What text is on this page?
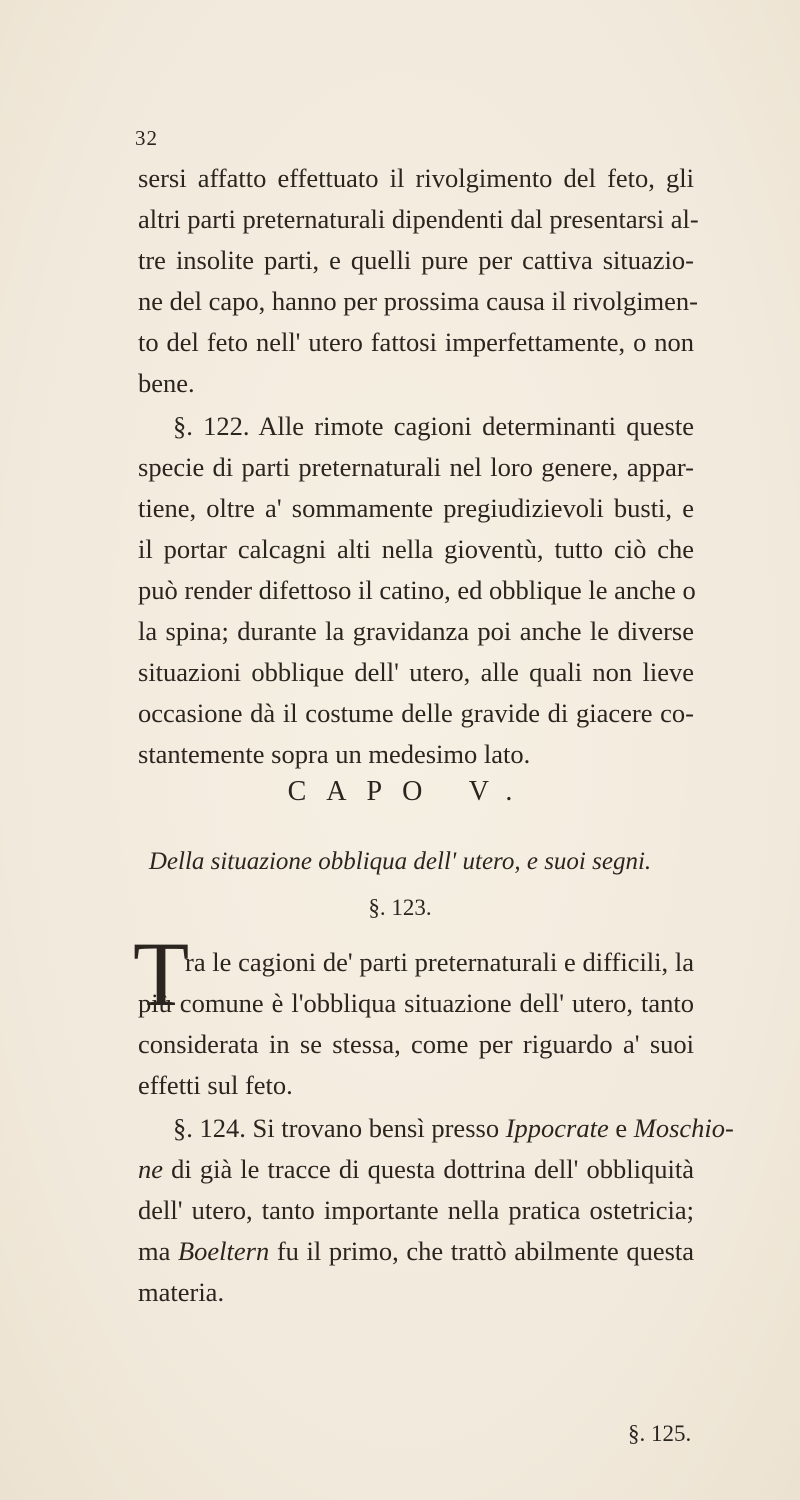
32
sersi affatto effettuato il rivolgimento del feto, gli
altri parti preternaturali dipendenti dal presentarsi al-
tre insolite parti, e quelli pure per cattiva situazio-
ne del capo, hanno per prossima causa il rivolgimen-
to del feto nell' utero fattosi imperfettamente, o non
bene.
§. 122. Alle rimote cagioni determinanti queste
specie di parti preternaturali nel loro genere, appar-
tiene, oltre a' sommamente pregiudizievoli busti, e
il portar calcagni alti nella gioventù, tutto ciò che
può render difettoso il catino, ed obblique le anche o
la spina; durante la gravidanza poi anche le diverse
situazioni obblique dell' utero, alle quali non lieve
occasione dà il costume delle gravide di giacere co-
stantemente sopra un medesimo lato.
CAPO V.
Della situazione obbliqua dell' utero, e suoi segni.
§. 123.
T
ra le cagioni de' parti preternaturali e difficili, la
più comune è l'obbliqua situazione dell' utero, tanto
considerata in se stessa, come per riguardo a' suoi
effetti sul feto.
§. 124. Si trovano bensì presso Ippocrate e Moschio-
ne di già le tracce di questa dottrina dell' obbliquità
dell' utero, tanto importante nella pratica ostetricia;
ma Boeltern fu il primo, che trattò abilmente questa
materia.
§. 125.
